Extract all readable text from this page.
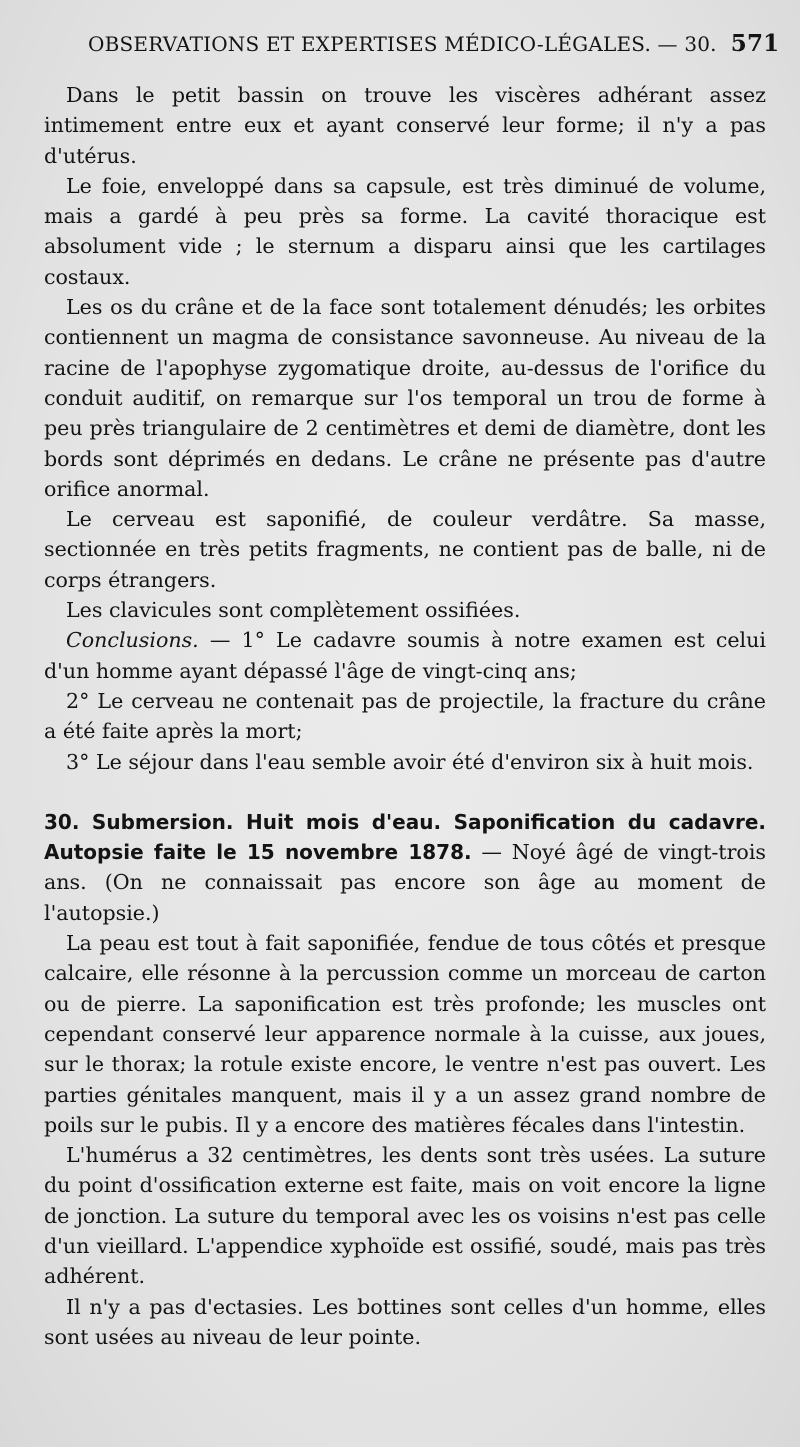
OBSERVATIONS ET EXPERTISES MÉDICO-LÉGALES. — 30. 571

Dans le petit bassin on trouve les viscères adhérant assez intimement entre eux et ayant conservé leur forme; il n'y a pas d'utérus.

Le foie, enveloppé dans sa capsule, est très diminué de volume, mais a gardé à peu près sa forme. La cavité thoracique est absolument vide ; le sternum a disparu ainsi que les cartilages costaux.

Les os du crâne et de la face sont totalement dénudés; les orbites contiennent un magma de consistance savonneuse. Au niveau de la racine de l'apophyse zygomatique droite, au-dessus de l'orifice du conduit auditif, on remarque sur l'os temporal un trou de forme à peu près triangulaire de 2 centimètres et demi de diamètre, dont les bords sont déprimés en dedans. Le crâne ne présente pas d'autre orifice anormal.

Le cerveau est saponifié, de couleur verdâtre. Sa masse, sectionnée en très petits fragments, ne contient pas de balle, ni de corps étrangers.

Les clavicules sont complètement ossifiées.

Conclusions. — 1° Le cadavre soumis à notre examen est celui d'un homme ayant dépassé l'âge de vingt-cinq ans;

2° Le cerveau ne contenait pas de projectile, la fracture du crâne a été faite après la mort;

3° Le séjour dans l'eau semble avoir été d'environ six à huit mois.

30. Submersion. Huit mois d'eau. Saponification du cadavre. Autopsie faite le 15 novembre 1878. — Noyé âgé de vingt-trois ans. (On ne connaissait pas encore son âge au moment de l'autopsie.)

La peau est tout à fait saponifiée, fendue de tous côtés et presque calcaire, elle résonne à la percussion comme un morceau de carton ou de pierre. La saponification est très profonde; les muscles ont cependant conservé leur apparence normale à la cuisse, aux joues, sur le thorax; la rotule existe encore, le ventre n'est pas ouvert. Les parties génitales manquent, mais il y a un assez grand nombre de poils sur le pubis. Il y a encore des matières fécales dans l'intestin.

L'humérus a 32 centimètres, les dents sont très usées. La suture du point d'ossification externe est faite, mais on voit encore la ligne de jonction. La suture du temporal avec les os voisins n'est pas celle d'un vieillard. L'appendice xyphoïde est ossifié, soudé, mais pas très adhérent.

Il n'y a pas d'ectasies. Les bottines sont celles d'un homme, elles sont usées au niveau de leur pointe.
